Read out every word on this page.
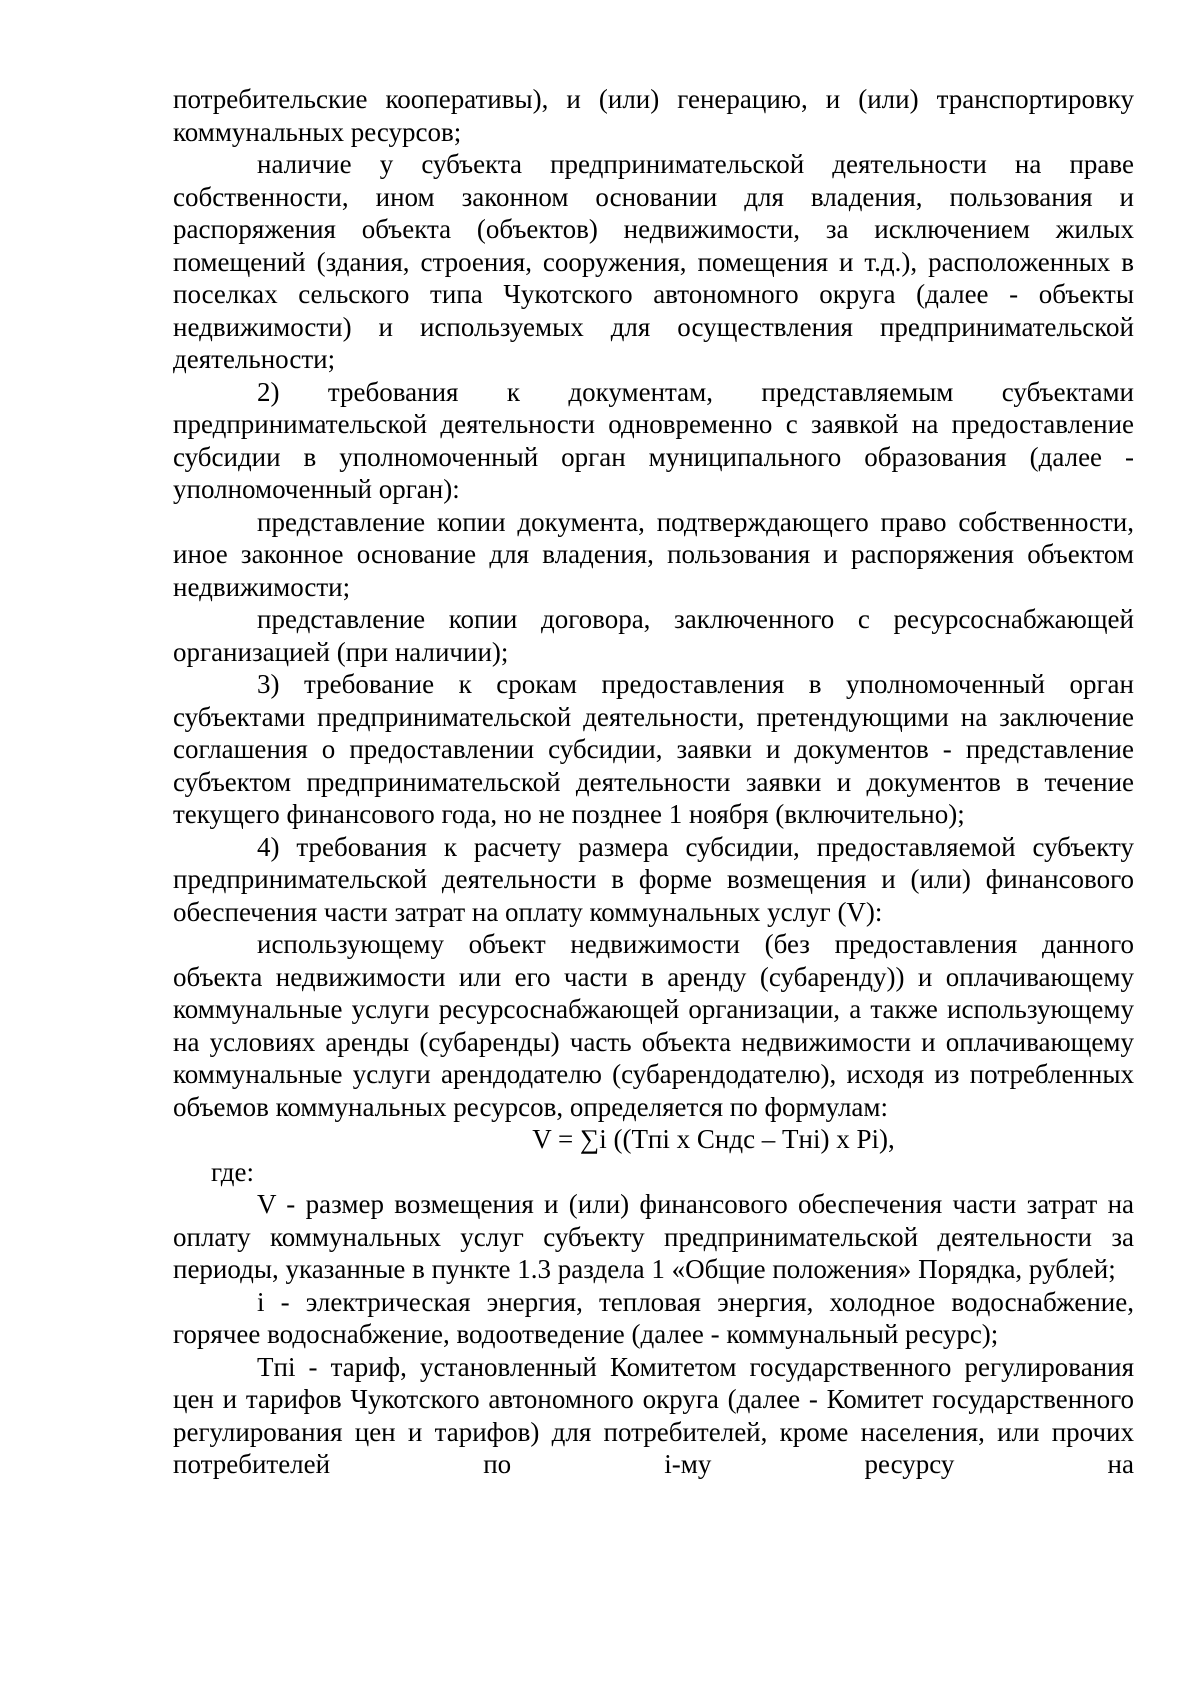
потребительские кооперативы), и (или) генерацию, и (или) транспортировку коммунальных ресурсов;

наличие у субъекта предпринимательской деятельности на праве собственности, ином законном основании для владения, пользования и распоряжения объекта (объектов) недвижимости, за исключением жилых помещений (здания, строения, сооружения, помещения и т.д.), расположенных в поселках сельского типа Чукотского автономного округа (далее - объекты недвижимости) и используемых для осуществления предпринимательской деятельности;

2) требования к документам, представляемым субъектами предпринимательской деятельности одновременно с заявкой на предоставление субсидии в уполномоченный орган муниципального образования (далее - уполномоченный орган):

представление копии документа, подтверждающего право собственности, иное законное основание для владения, пользования и распоряжения объектом недвижимости;

представление копии договора, заключенного с ресурсоснабжающей организацией (при наличии);

3) требование к срокам предоставления в уполномоченный орган субъектами предпринимательской деятельности, претендующими на заключение соглашения о предоставлении субсидии, заявки и документов - представление субъектом предпринимательской деятельности заявки и документов в течение текущего финансового года, но не позднее 1 ноября (включительно);

4) требования к расчету размера субсидии, предоставляемой субъекту предпринимательской деятельности в форме возмещения и (или) финансового обеспечения части затрат на оплату коммунальных услуг (V):

использующему объект недвижимости (без предоставления данного объекта недвижимости или его части в аренду (субаренду)) и оплачивающему коммунальные услуги ресурсоснабжающей организации, а также использующему на условиях аренды (субаренды) часть объекта недвижимости и оплачивающему коммунальные услуги арендодателю (субарендодателю), исходя из потребленных объемов коммунальных ресурсов, определяется по формулам:

V = ∑i ((Tпi x Cндс – Tнi) x Pi),

где:

V - размер возмещения и (или) финансового обеспечения части затрат на оплату коммунальных услуг субъекту предпринимательской деятельности за периоды, указанные в пункте 1.3 раздела 1 «Общие положения» Порядка, рублей;

i - электрическая энергия, тепловая энергия, холодное водоснабжение, горячее водоснабжение, водоотведение (далее - коммунальный ресурс);

Tпi - тариф, установленный Комитетом государственного регулирования цен и тарифов Чукотского автономного округа (далее - Комитет государственного регулирования цен и тарифов) для потребителей, кроме населения, или прочих потребителей по i-му ресурсу на
